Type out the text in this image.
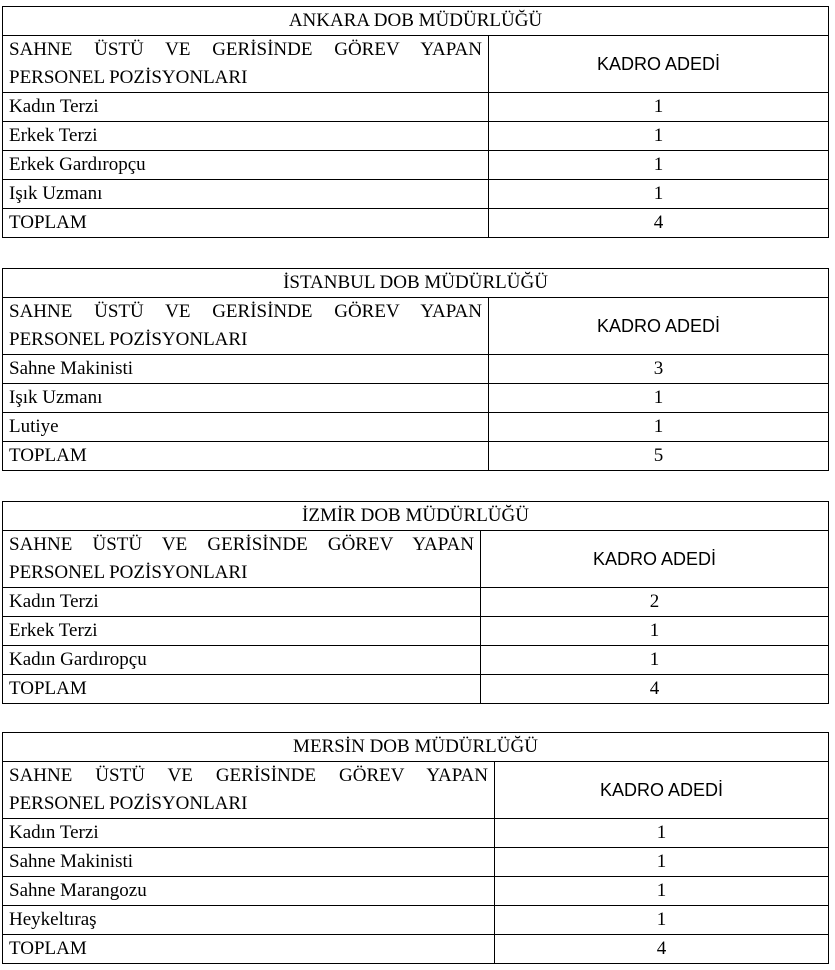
ANKARA DOB MÜDÜRLÜĞÜ	

SAHNE ÜSTÜ VE GERİSİNDE GÖREV YAPAN
PERSONEL POZİSYONLARI	KADRO ADEDİ
Kadın Terzi	1
Erkek Terzi	1
Erkek Gardıropçu	1
Işık Uzmanı	1
TOPLAM	4
İSTANBUL DOB MÜDÜRLÜĞÜ	

SAHNE ÜSTÜ VE GERİSİNDE GÖREV YAPAN
PERSONEL POZİSYONLARI	KADRO ADEDİ
Sahne Makinisti	3
Işık Uzmanı	1
Lutiye	1
TOPLAM	5
İZMİR DOB MÜDÜRLÜĞÜ	

SAHNE ÜSTÜ VE GERİSİNDE GÖREV YAPAN
PERSONEL POZİSYONLARI	KADRO ADEDİ
Kadın Terzi	2
Erkek Terzi	1
Kadın Gardıropçu	1
TOPLAM	4
MERSİN DOB MÜDÜRLÜĞÜ	

SAHNE ÜSTÜ VE GERİSİNDE GÖREV YAPAN
PERSONEL POZİSYONLARI	KADRO ADEDİ
Kadın Terzi	1
Sahne Makinisti	1
Sahne Marangozu	1
Heykeltıraş	1
TOPLAM	4
